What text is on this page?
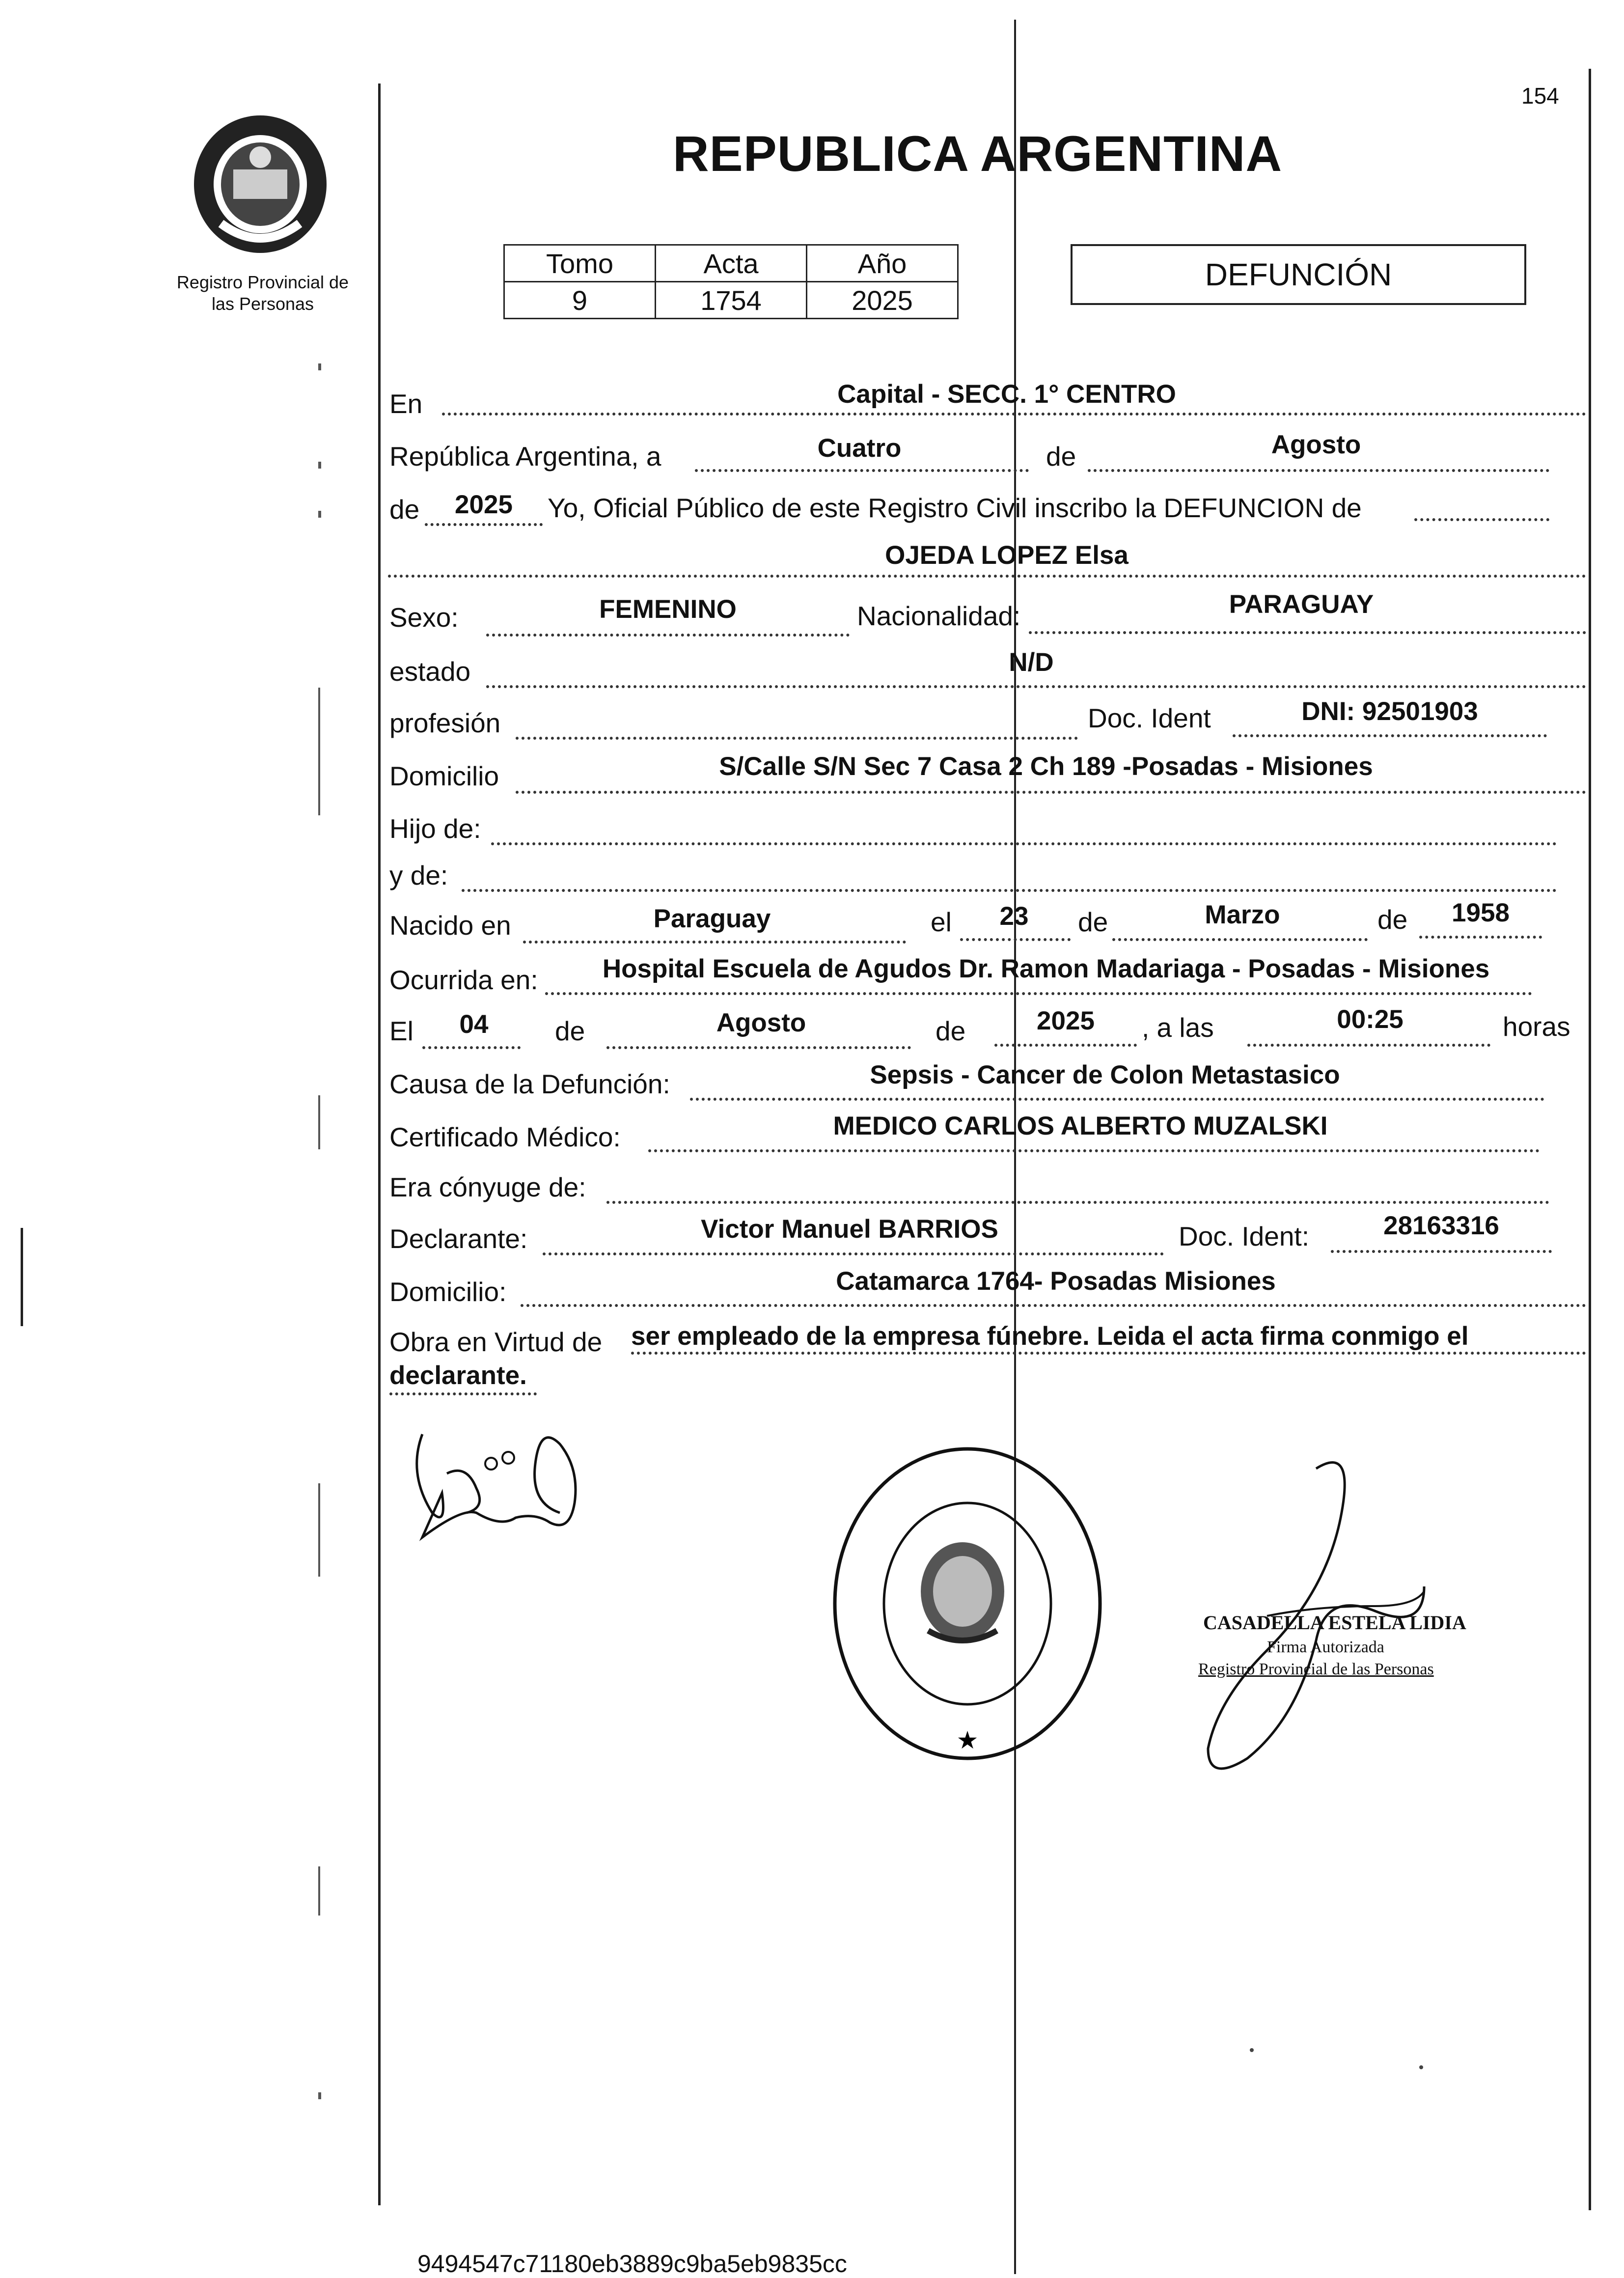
154
Registro Provincial de
las Personas
REPUBLICA ARGENTINA
Tomo	Acta	Año
9	1754	2025
DEFUNCIÓN
En	Capital - SECC. 1° CENTRO
República Argentina, a	Cuatro	de	Agosto
de	2025	Yo, Oficial Público de este Registro Civil inscribo la DEFUNCION de
OJEDA LOPEZ Elsa
Sexo:	FEMENINO	Nacionalidad:	PARAGUAY
estado	N/D
profesión	Doc. Ident	DNI: 92501903
Domicilio	S/Calle S/N Sec 7 Casa 2 Ch 189 -Posadas - Misiones
Hijo de:
y de:
Nacido en	Paraguay	el	23	de	Marzo	de	1958
Ocurrida en:	Hospital Escuela de Agudos Dr. Ramon Madariaga - Posadas - Misiones
El	04	de	Agosto	de	2025	, a las	00:25	horas
Causa de la Defunción:	Sepsis - Cancer de Colon Metastasico
Certificado Médico:	MEDICO CARLOS ALBERTO MUZALSKI
Era cónyuge de:
Declarante:	Victor Manuel BARRIOS	Doc. Ident:	28163316
Domicilio:	Catamarca 1764- Posadas Misiones
Obra en Virtud de ser empleado de la empresa fúnebre. Leida el acta firma conmigo el
declarante.
★
CASADELLA ESTELA LIDIA
Firma Autorizada
Registro Provincial de las Personas
9494547c71180eb3889c9ba5eb9835cc
